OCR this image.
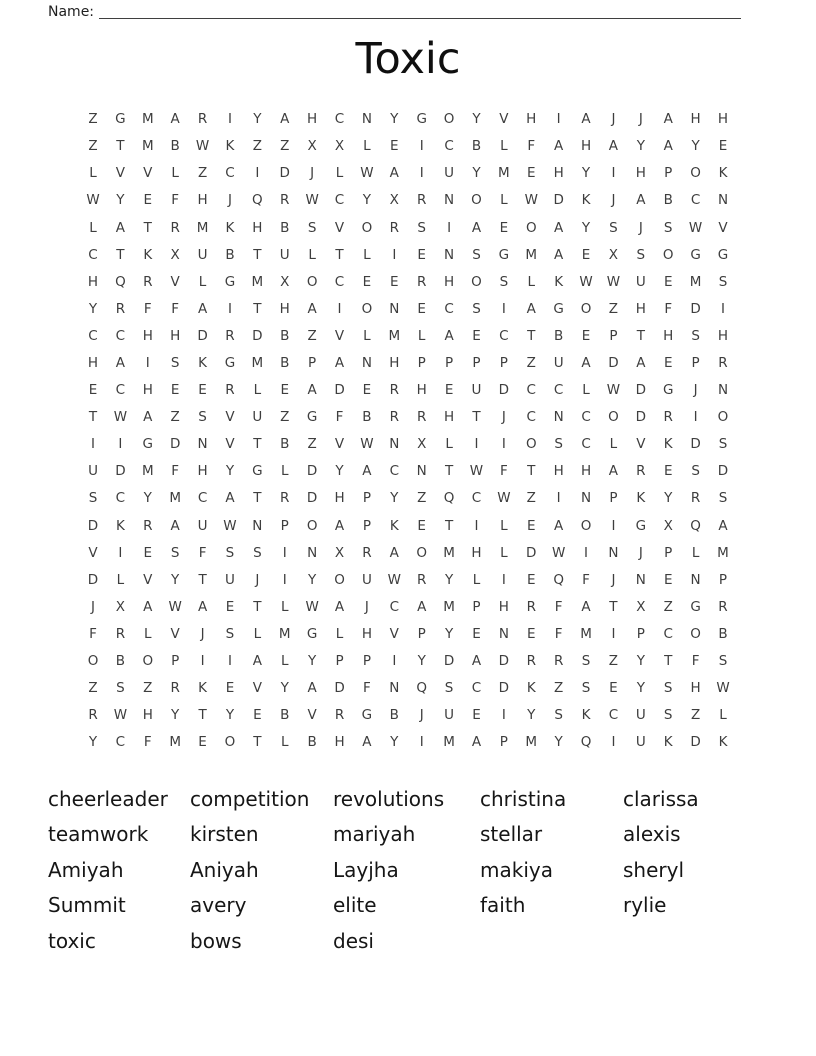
Name:
Toxic
Z	G	M	A	R	I	Y	A	H	C	N	Y	G	O	Y	V	H	I	A	J	J	A	H	H
Z	T	M	B	W	K	Z	Z	X	X	L	E	I	C	B	L	F	A	H	A	Y	A	Y	E
L	V	V	L	Z	C	I	D	J	L	W	A	I	U	Y	M	E	H	Y	I	H	P	O	K
W	Y	E	F	H	J	Q	R	W	C	Y	X	R	N	O	L	W	D	K	J	A	B	C	N
L	A	T	R	M	K	H	B	S	V	O	R	S	I	A	E	O	A	Y	S	J	S	W	V
C	T	K	X	U	B	T	U	L	T	L	I	E	N	S	G	M	A	E	X	S	O	G	G
H	Q	R	V	L	G	M	X	O	C	E	E	R	H	O	S	L	K	W	W	U	E	M	S
Y	R	F	F	A	I	T	H	A	I	O	N	E	C	S	I	A	G	O	Z	H	F	D	I
C	C	H	H	D	R	D	B	Z	V	L	M	L	A	E	C	T	B	E	P	T	H	S	H
H	A	I	S	K	G	M	B	P	A	N	H	P	P	P	P	Z	U	A	D	A	E	P	R
E	C	H	E	E	R	L	E	A	D	E	R	H	E	U	D	C	C	L	W	D	G	J	N
T	W	A	Z	S	V	U	Z	G	F	B	R	R	H	T	J	C	N	C	O	D	R	I	O
I	I	G	D	N	V	T	B	Z	V	W	N	X	L	I	I	O	S	C	L	V	K	D	S
U	D	M	F	H	Y	G	L	D	Y	A	C	N	T	W	F	T	H	H	A	R	E	S	D
S	C	Y	M	C	A	T	R	D	H	P	Y	Z	Q	C	W	Z	I	N	P	K	Y	R	S
D	K	R	A	U	W	N	P	O	A	P	K	E	T	I	L	E	A	O	I	G	X	Q	A
V	I	E	S	F	S	S	I	N	X	R	A	O	M	H	L	D	W	I	N	J	P	L	M
D	L	V	Y	T	U	J	I	Y	O	U	W	R	Y	L	I	E	Q	F	J	N	E	N	P
J	X	A	W	A	E	T	L	W	A	J	C	A	M	P	H	R	F	A	T	X	Z	G	R
F	R	L	V	J	S	L	M	G	L	H	V	P	Y	E	N	E	F	M	I	P	C	O	B
O	B	O	P	I	I	A	L	Y	P	P	I	Y	D	A	D	R	R	S	Z	Y	T	F	S
Z	S	Z	R	K	E	V	Y	A	D	F	N	Q	S	C	D	K	Z	S	E	Y	S	H	W
R	W	H	Y	T	Y	E	B	V	R	G	B	J	U	E	I	Y	S	K	C	U	S	Z	L
Y	C	F	M	E	O	T	L	B	H	A	Y	I	M	A	P	M	Y	Q	I	U	K	D	K
cheerleader
teamwork
Amiyah
Summit
toxic
competition
kirsten
Aniyah
avery
bows
revolutions
mariyah
Layjha
elite
desi
christina
stellar
makiya
faith
clarissa
alexis
sheryl
rylie
